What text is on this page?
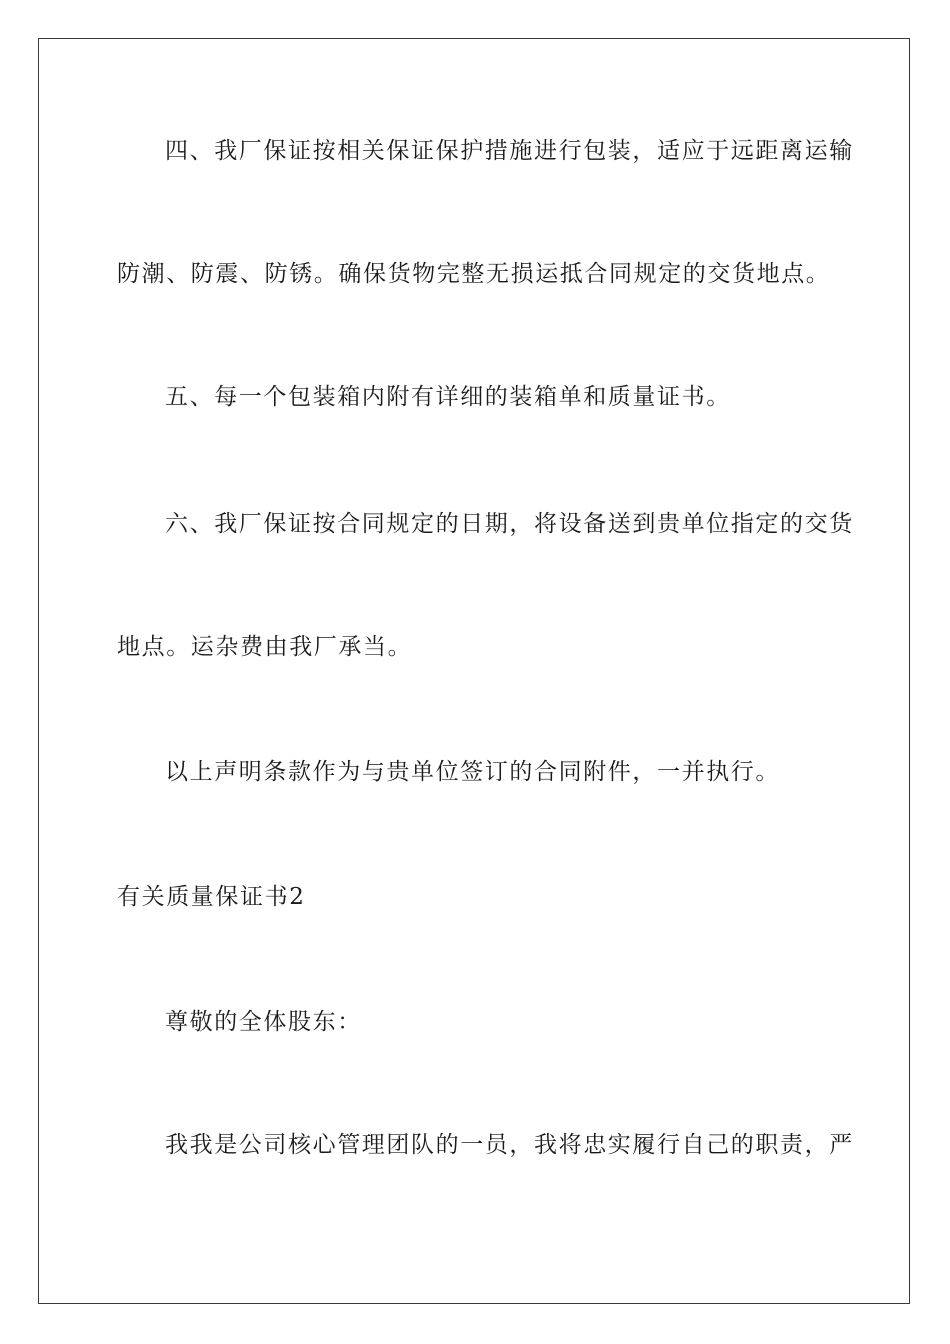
四、我厂保证按相关保证保护措施进行包装，适应于远距离运输
防潮、防震、防锈。确保货物完整无损运抵合同规定的交货地点。
五、每一个包装箱内附有详细的装箱单和质量证书。
六、我厂保证按合同规定的日期，将设备送到贵单位指定的交货
地点。运杂费由我厂承当。
以上声明条款作为与贵单位签订的合同附件，一并执行。
有关质量保证书2
尊敬的全体股东：
我我是公司核心管理团队的一员，我将忠实履行自己的职责，严
